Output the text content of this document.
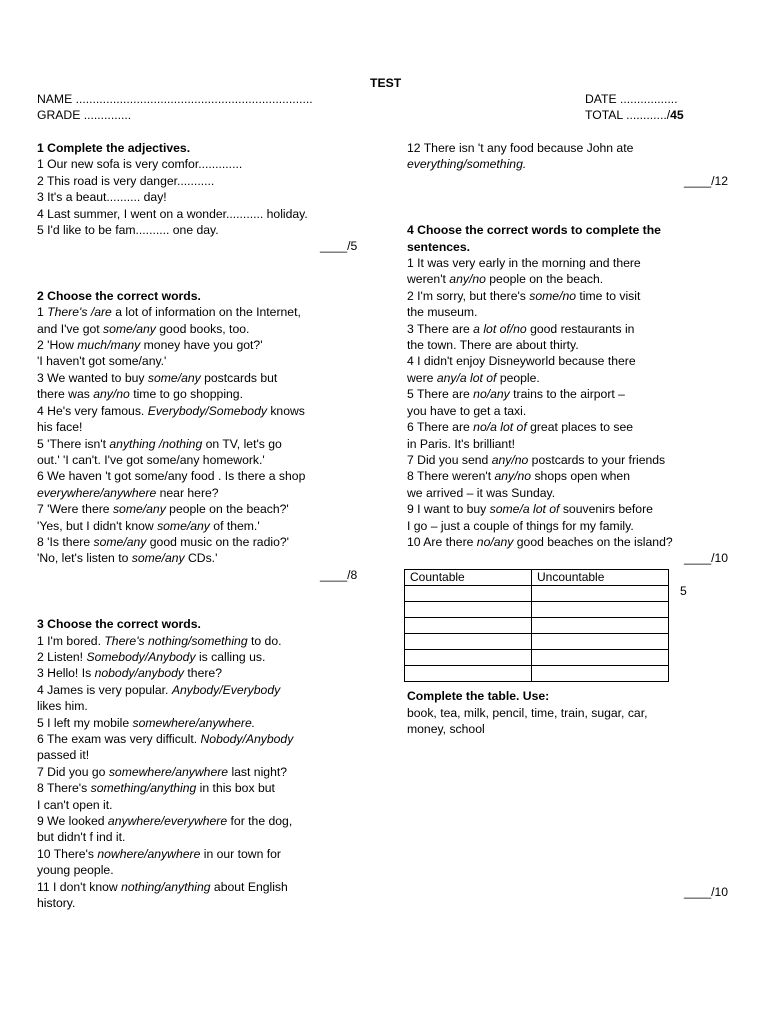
TEST
NAME ......................................................................
GRADE ..............
DATE .................
TOTAL ............/45
1 Complete the adjectives.
1 Our new sofa is very comfor.............
2 This road is very danger...........
3 It's a beaut.......... day!
4 Last summer, I went on a wonder........... holiday.
5 I'd like to be fam.......... one day.
____/5
2 Choose the correct words.
1 There's /are a lot of information on the Internet,
and I've got some/any good books, too.
2 'How much/many money have you got?'
'I haven't got some/any.'
3 We wanted to buy some/any postcards but
there was any/no time to go shopping.
4 He's very famous. Everybody/Somebody knows
his face!
5 'There isn't anything /nothing on TV, let's go
out.' 'I can't. I've got some/any homework.'
6 We haven 't got some/any food . Is there a shop
everywhere/anywhere near here?
7 'Were there some/any people on the beach?'
'Yes, but I didn't know some/any of them.'
8 'Is there some/any good music on the radio?'
'No, let's listen to some/any CDs.'
____/8
3 Choose the correct words.
1 I'm bored. There's nothing/something to do.
2 Listen! Somebody/Anybody is calling us.
3 Hello! Is nobody/anybody there?
4 James is very popular. Anybody/Everybody
likes him.
5 I left my mobile somewhere/anywhere.
6 The exam was very difficult. Nobody/Anybody
passed it!
7 Did you go somewhere/anywhere last night?
8 There's something/anything in this box but
I can't open it.
9 We looked anywhere/everywhere for the dog,
but didn't f ind it.
10 There's nowhere/anywhere in our town for
young people.
11 I don't know nothing/anything about English
history.
12 There isn 't any food because John ate
everything/something.
____/12
4 Choose the correct words to complete the
sentences.
1 It was very early in the morning and there
weren't any/no people on the beach.
2 I'm sorry, but there's some/no time to visit
the museum.
3 There are a lot of/no good restaurants in
the town. There are about thirty.
4 I didn't enjoy Disneyworld because there
were any/a lot of people.
5 There are no/any trains to the airport –
you have to get a taxi.
6 There are no/a lot of great places to see
in Paris. It's brilliant!
7 Did you send any/no postcards to your friends
8 There weren't any/no shops open when
we arrived – it was Sunday.
9 I want to buy some/a lot of souvenirs before
I go – just a couple of things for my family.
10 Are there no/any good beaches on the island?
____/10
Countable	Uncountable

5
Complete the table. Use:
book, tea, milk, pencil, time, train, sugar, car,
money, school
____/10
